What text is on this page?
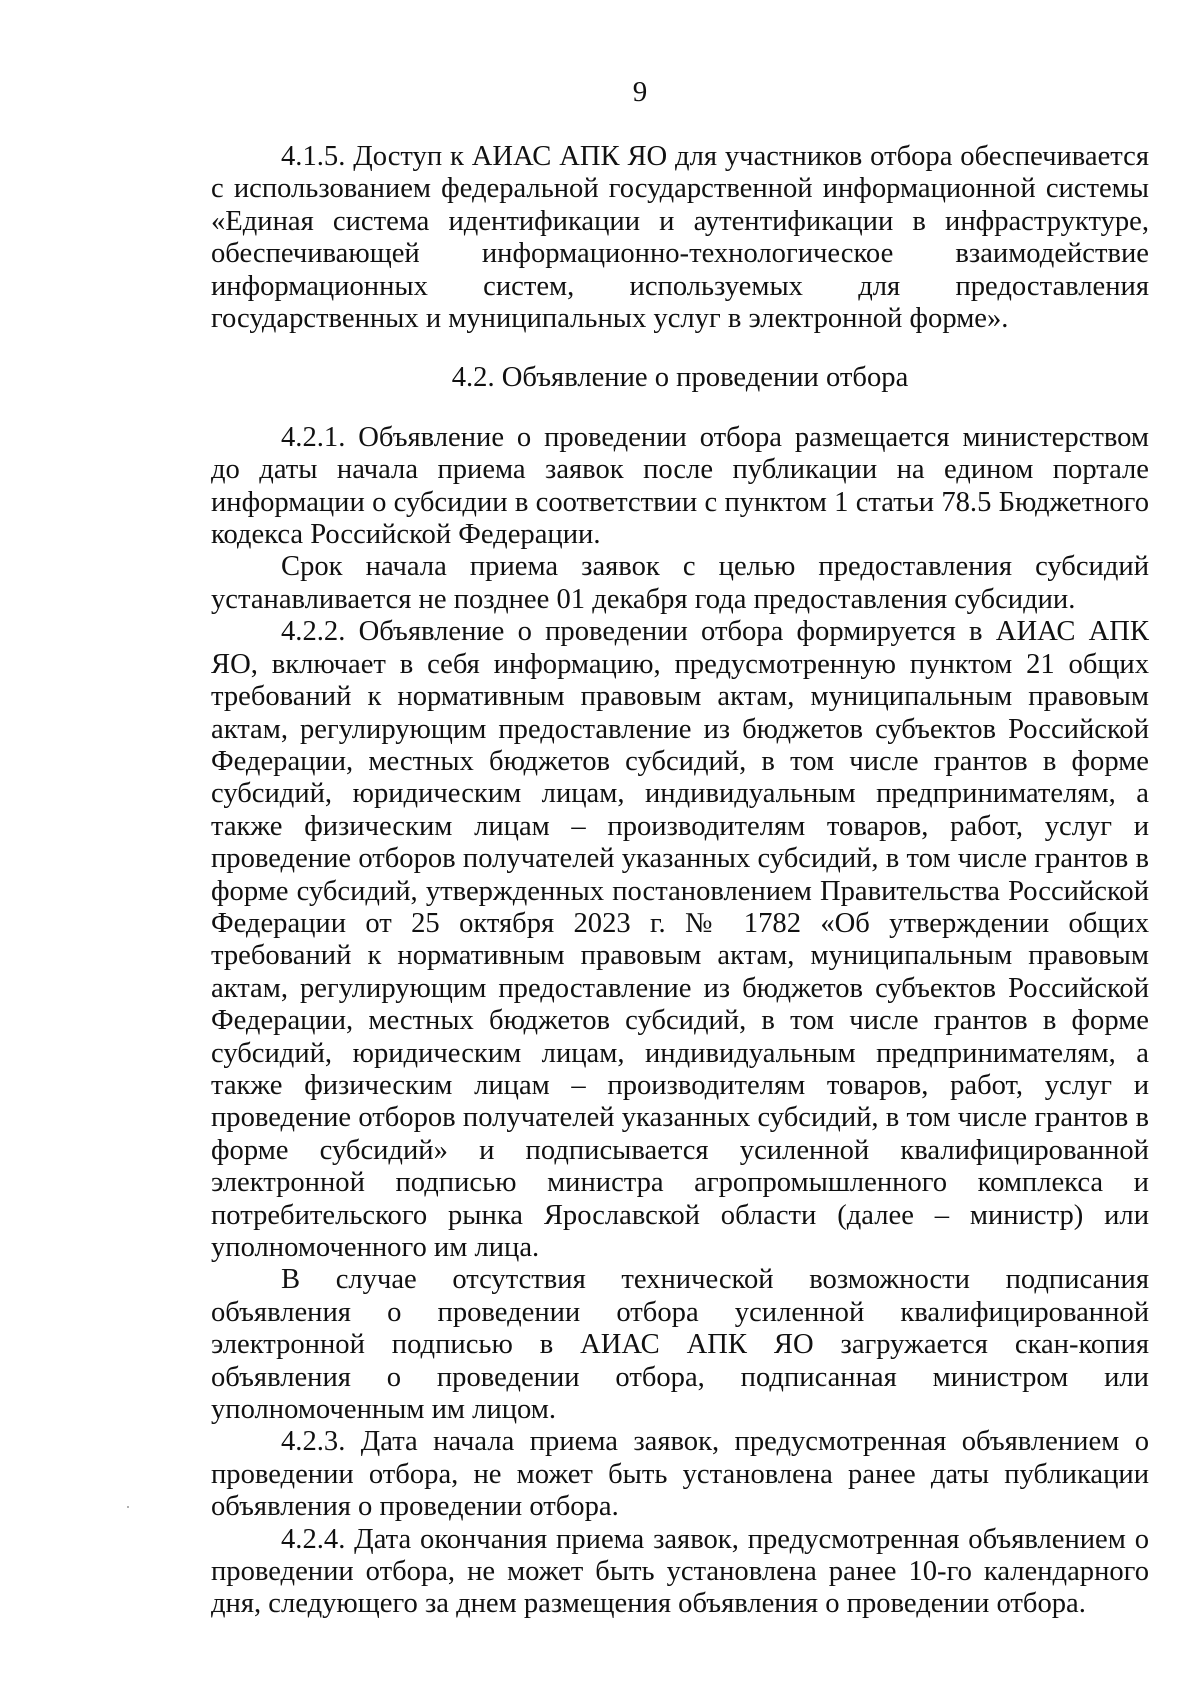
9

4.1.5. Доступ к АИАС АПК ЯО для участников отбора обеспечивается с использованием федеральной государственной информационной системы «Единая система идентификации и аутентификации в инфраструктуре, обеспечивающей информационно-технологическое взаимодействие информационных систем, используемых для предоставления государственных и муниципальных услуг в электронной форме».

4.2. Объявление о проведении отбора

4.2.1. Объявление о проведении отбора размещается министерством до даты начала приема заявок после публикации на едином портале информации о субсидии в соответствии с пунктом 1 статьи 78.5 Бюджетного кодекса Российской Федерации.

Срок начала приема заявок с целью предоставления субсидий устанавливается не позднее 01 декабря года предоставления субсидии.

4.2.2. Объявление о проведении отбора формируется в АИАС АПК ЯО, включает в себя информацию, предусмотренную пунктом 21 общих требований к нормативным правовым актам, муниципальным правовым актам, регулирующим предоставление из бюджетов субъектов Российской Федерации, местных бюджетов субсидий, в том числе грантов в форме субсидий, юридическим лицам, индивидуальным предпринимателям, а также физическим лицам – производителям товаров, работ, услуг и проведение отборов получателей указанных субсидий, в том числе грантов в форме субсидий, утвержденных постановлением Правительства Российской Федерации от 25 октября 2023 г. № 1782 «Об утверждении общих требований к нормативным правовым актам, муниципальным правовым актам, регулирующим предоставление из бюджетов субъектов Российской Федерации, местных бюджетов субсидий, в том числе грантов в форме субсидий, юридическим лицам, индивидуальным предпринимателям, а также физическим лицам – производителям товаров, работ, услуг и проведение отборов получателей указанных субсидий, в том числе грантов в форме субсидий» и подписывается усиленной квалифицированной электронной подписью министра агропромышленного комплекса и потребительского рынка Ярославской области (далее – министр) или уполномоченного им лица.

В случае отсутствия технической возможности подписания объявления о проведении отбора усиленной квалифицированной электронной подписью в АИАС АПК ЯО загружается скан-копия объявления о проведении отбора, подписанная министром или уполномоченным им лицом.

4.2.3. Дата начала приема заявок, предусмотренная объявлением о проведении отбора, не может быть установлена ранее даты публикации объявления о проведении отбора.

4.2.4. Дата окончания приема заявок, предусмотренная объявлением о проведении отбора, не может быть установлена ранее 10-го календарного дня, следующего за днем размещения объявления о проведении отбора.
